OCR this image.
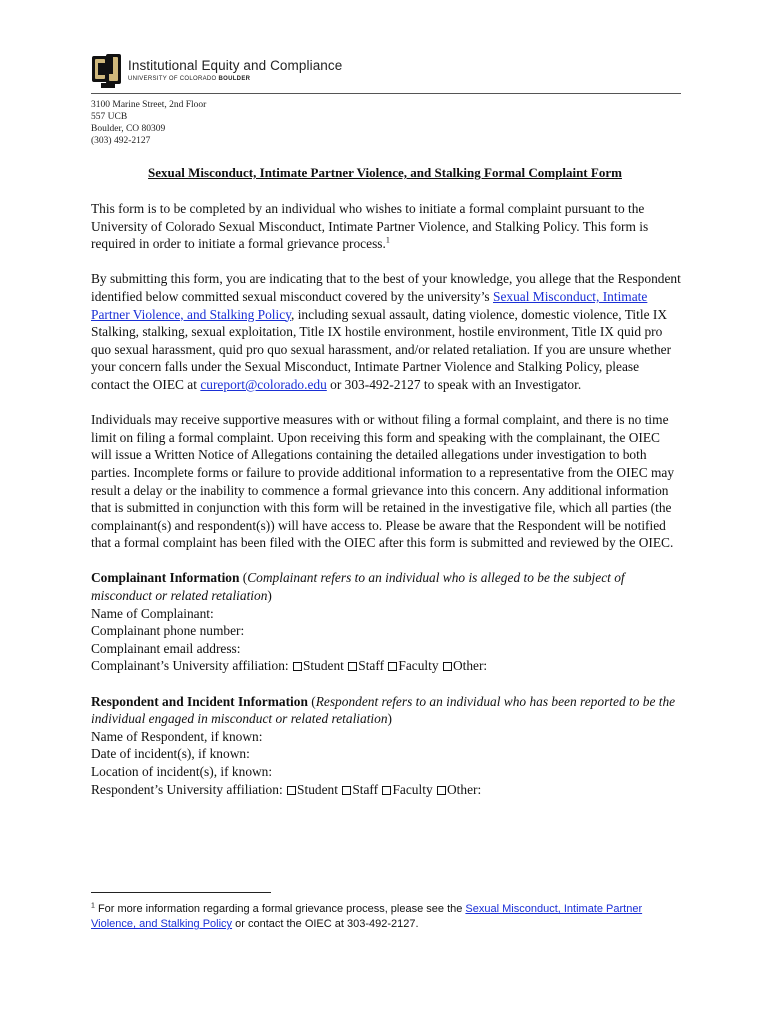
Institutional Equity and Compliance
UNIVERSITY OF COLORADO BOULDER
3100 Marine Street, 2nd Floor
557 UCB
Boulder, CO 80309
(303) 492-2127
Sexual Misconduct, Intimate Partner Violence, and Stalking Formal Complaint Form

This form is to be completed by an individual who wishes to initiate a formal complaint pursuant to the University of Colorado Sexual Misconduct, Intimate Partner Violence, and Stalking Policy. This form is required in order to initiate a formal grievance process.$^1$

By submitting this form, you are indicating that to the best of your knowledge, you allege that the Respondent identified below committed sexual misconduct covered by the university’s Sexual Misconduct, Intimate Partner Violence, and Stalking Policy, including sexual assault, dating violence, domestic violence, Title IX Stalking, stalking, sexual exploitation, Title IX hostile environment, hostile environment, Title IX quid pro quo sexual harassment, quid pro quo sexual harassment, and/or related retaliation. If you are unsure whether your concern falls under the Sexual Misconduct, Intimate Partner Violence and Stalking Policy, please contact the OIEC at cureport@colorado.edu or 303-492-2127 to speak with an Investigator.

Individuals may receive supportive measures with or without filing a formal complaint, and there is no time limit on filing a formal complaint. Upon receiving this form and speaking with the complainant, the OIEC will issue a Written Notice of Allegations containing the detailed allegations under investigation to both parties. Incomplete forms or failure to provide additional information to a representative from the OIEC may result a delay or the inability to commence a formal grievance into this concern. Any additional information that is submitted in conjunction with this form will be retained in the investigative file, which all parties (the complainant(s) and respondent(s)) will have access to. Please be aware that the Respondent will be notified that a formal complaint has been filed with the OIEC after this form is submitted and reviewed by the OIEC.

Complainant Information (Complainant refers to an individual who is alleged to be the subject of misconduct or related retaliation)
Name of Complainant:
Complainant phone number:
Complainant email address:
Complainant’s University affiliation: Student Staff Faculty Other:
Respondent and Incident Information (Respondent refers to an individual who has been reported to be the individual engaged in misconduct or related retaliation)
Name of Respondent, if known:
Date of incident(s), if known:
Location of incident(s), if known:
Respondent’s University affiliation: Student Staff Faculty Other:
$^1$ For more information regarding a formal grievance process, please see the Sexual Misconduct, Intimate Partner Violence, and Stalking Policy or contact the OIEC at 303-492-2127.
